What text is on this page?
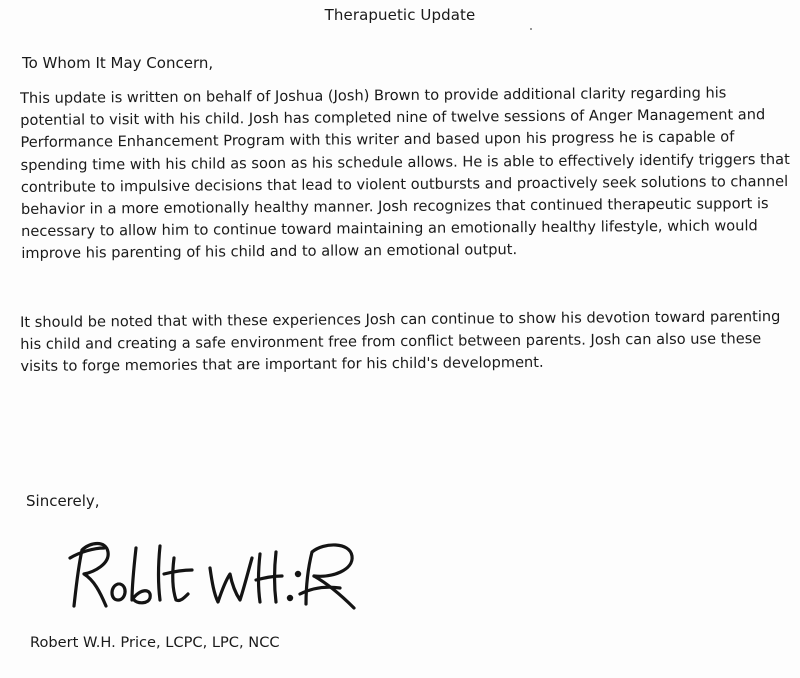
Therapuetic Update
To Whom It May Concern,
This update is written on behalf of Joshua (Josh) Brown to provide additional clarity regarding his
potential to visit with his child. Josh has completed nine of twelve sessions of Anger Management and
Performance Enhancement Program with this writer and based upon his progress he is capable of
spending time with his child as soon as his schedule allows. He is able to effectively identify triggers that
contribute to impulsive decisions that lead to violent outbursts and proactively seek solutions to channel
behavior in a more emotionally healthy manner. Josh recognizes that continued therapeutic support is
necessary to allow him to continue toward maintaining an emotionally healthy lifestyle, which would
improve his parenting of his child and to allow an emotional output.
It should be noted that with these experiences Josh can continue to show his devotion toward parenting
his child and creating a safe environment free from conflict between parents. Josh can also use these
visits to forge memories that are important for his child's development.
Sincerely,
Robert W.H. Price, LCPC, LPC, NCC
